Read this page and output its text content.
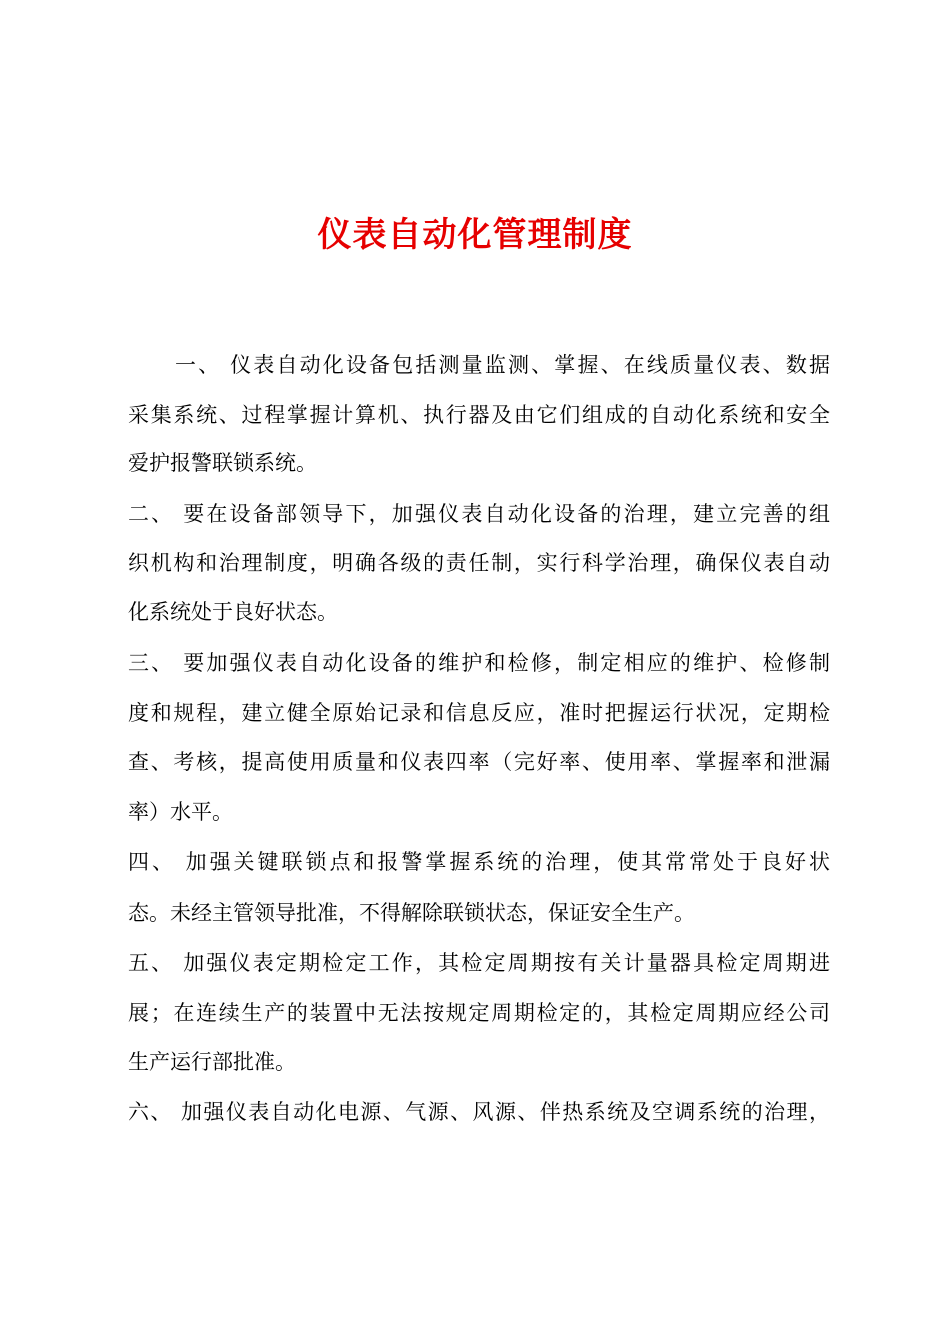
仪表自动化管理制度
一、 仪表自动化设备包括测量监测、掌握、在线质量仪表、数据
采集系统、过程掌握计算机、执行器及由它们组成的自动化系统和安全
爱护报警联锁系统。
二、 要在设备部领导下，加强仪表自动化设备的治理，建立完善的组
织机构和治理制度，明确各级的责任制，实行科学治理，确保仪表自动
化系统处于良好状态。
三、 要加强仪表自动化设备的维护和检修，制定相应的维护、检修制
度和规程，建立健全原始记录和信息反应，准时把握运行状况，定期检
查、考核，提高使用质量和仪表四率（完好率、使用率、掌握率和泄漏
率）水平。
四、 加强关键联锁点和报警掌握系统的治理，使其常常处于良好状
态。未经主管领导批准，不得解除联锁状态，保证安全生产。
五、 加强仪表定期检定工作，其检定周期按有关计量器具检定周期进
展；在连续生产的装置中无法按规定周期检定的，其检定周期应经公司
生产运行部批准。
六、 加强仪表自动化电源、气源、风源、伴热系统及空调系统的治理，
